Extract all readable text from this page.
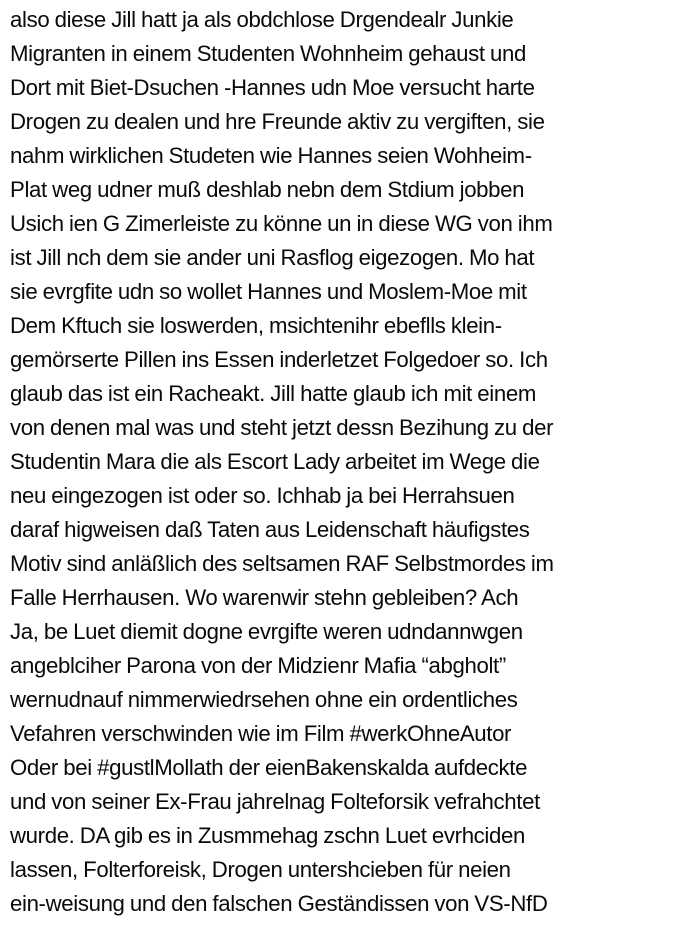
also diese Jill hatt ja als obdchlose Drgendealr Junkie
Migranten in einem Studenten Wohnheim gehaust und
Dort mit Biet-Dsuchen -Hannes udn Moe versucht harte
Drogen zu dealen und hre Freunde aktiv zu vergiften, sie
nahm wirklichen Studeten wie Hannes seien Wohheim-
Plat weg udner muß deshlab nebn dem Stdium jobben
Usich ien G Zimerleiste zu könne un in diese WG von ihm
ist Jill nch dem sie ander uni Rasflog eigezogen. Mo hat
sie evrgfite udn so wollet Hannes und Moslem-Moe mit
Dem Kftuch sie loswerden, msichtenihr ebeflls klein-
gemörserte Pillen ins Essen inderletzet Folgedoer so. Ich
glaub das ist ein Racheakt. Jill hatte glaub ich mit einem
von denen mal was und steht jetzt dessn Bezihung zu der
Studentin Mara die als Escort Lady arbeitet im Wege die
neu eingezogen ist oder so. Ichhab ja bei Herrahsuen
daraf higweisen daß Taten aus Leidenschaft häufigstes
Motiv sind anläßlich des seltsamen RAF Selbstmordes im
Falle Herrhausen. Wo warenwir stehn gebleiben? Ach
Ja, be Luet diemit dogne evrgifte weren udndannwgen
angeblciher Parona von der Midzienr Mafia “abgholt”
wernudnauf nimmerwiedrsehen ohne ein ordentliches
Vefahren verschwinden wie im Film #werkOhneAutor
Oder bei #gustlMollath der eienBakenskalda aufdeckte
und von seiner Ex-Frau jahrelnag Folteforsik vefrahchtet
wurde. DA gib es in Zusmmehag zschn Luet evrhciden
lassen, Folterforeisk, Drogen untershcieben für neien
ein-weisung und den falschen Geständissen von VS-NfD
